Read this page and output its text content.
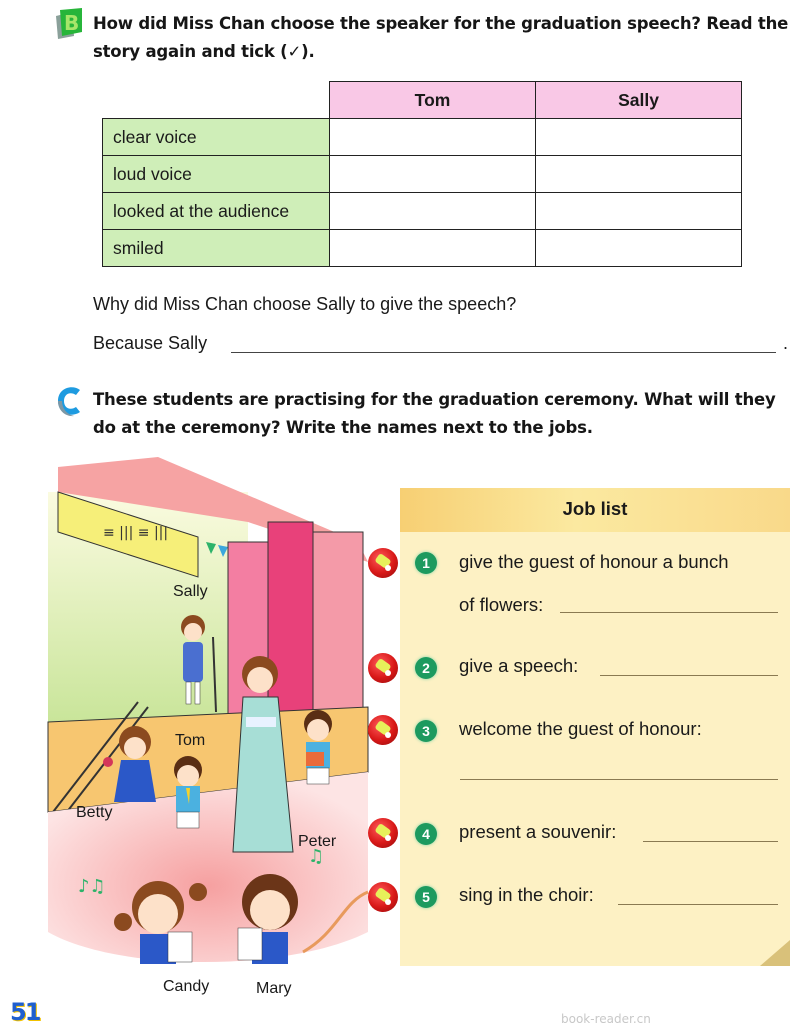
B How did Miss Chan choose the speaker for the graduation speech? Read the story again and tick (✓).
	Tom	Sally
clear voice		
loud voice		
looked at the audience		
smiled		
Why did Miss Chan choose Sally to give the speech?
Because Sally	.
These students are practising for the graduation ceremony. What will they do at the ceremony? Write the names next to the jobs.
≡ ||| ≡ |||
♪♫
♫
Sally
Tom
Betty
Peter
Candy	Mary
Job list
1	give the guest of honour a bunch
of flowers:
2	give a speech:
3	welcome the guest of honour:
4	present a souvenir:
5	sing in the choir:
51	book-reader.cn
